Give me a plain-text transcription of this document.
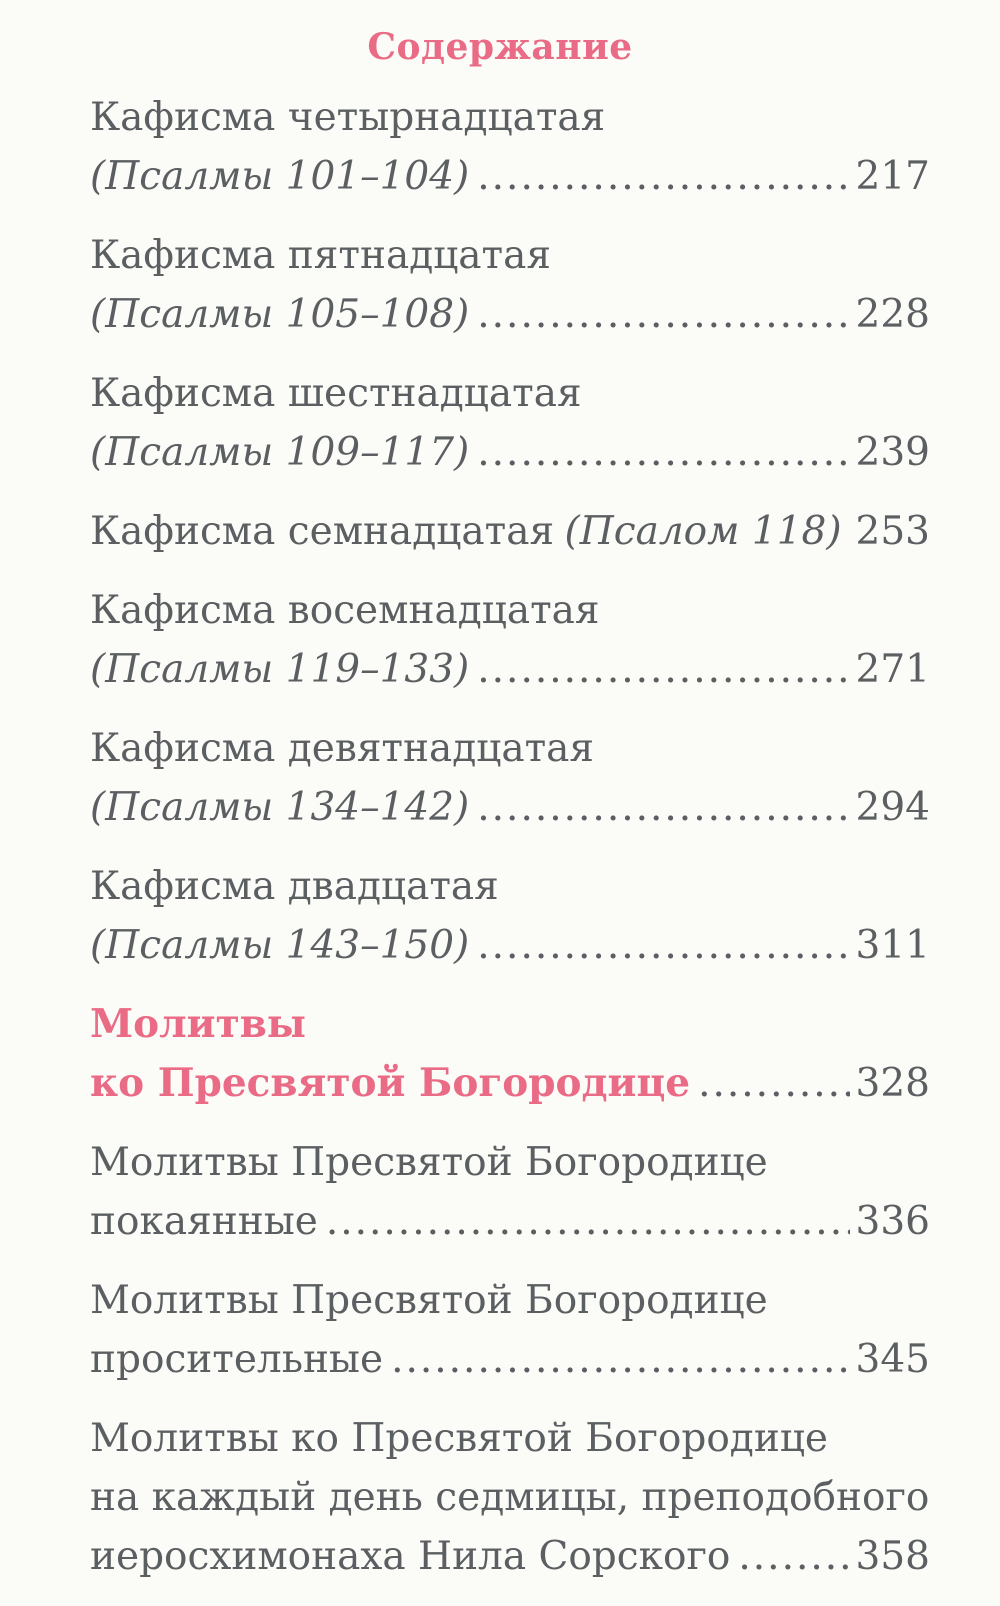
Содержание
Кафисма четырнадцатая
(Псалмы 101–104) .....	217
Кафисма пятнадцатая
(Псалмы 105–108) .....	228
Кафисма шестнадцатая
(Псалмы 109–117) .....	239
Кафисма семнадцатая (Псалом 118) 253
Кафисма восемнадцатая
(Псалмы 119–133) .....	271
Кафисма девятнадцатая
(Псалмы 134–142) .....	294
Кафисма двадцатая
(Псалмы 143–150) .....	311
Молитвы
ко Пресвятой Богородице .....	328
Молитвы Пресвятой Богородице
покаянные .....	336
Молитвы Пресвятой Богородице
просительные .....	345
Молитвы ко Пресвятой Богородице
на каждый день седмицы, преподобного
иеросхимонаха Нила Сорского .....	358
